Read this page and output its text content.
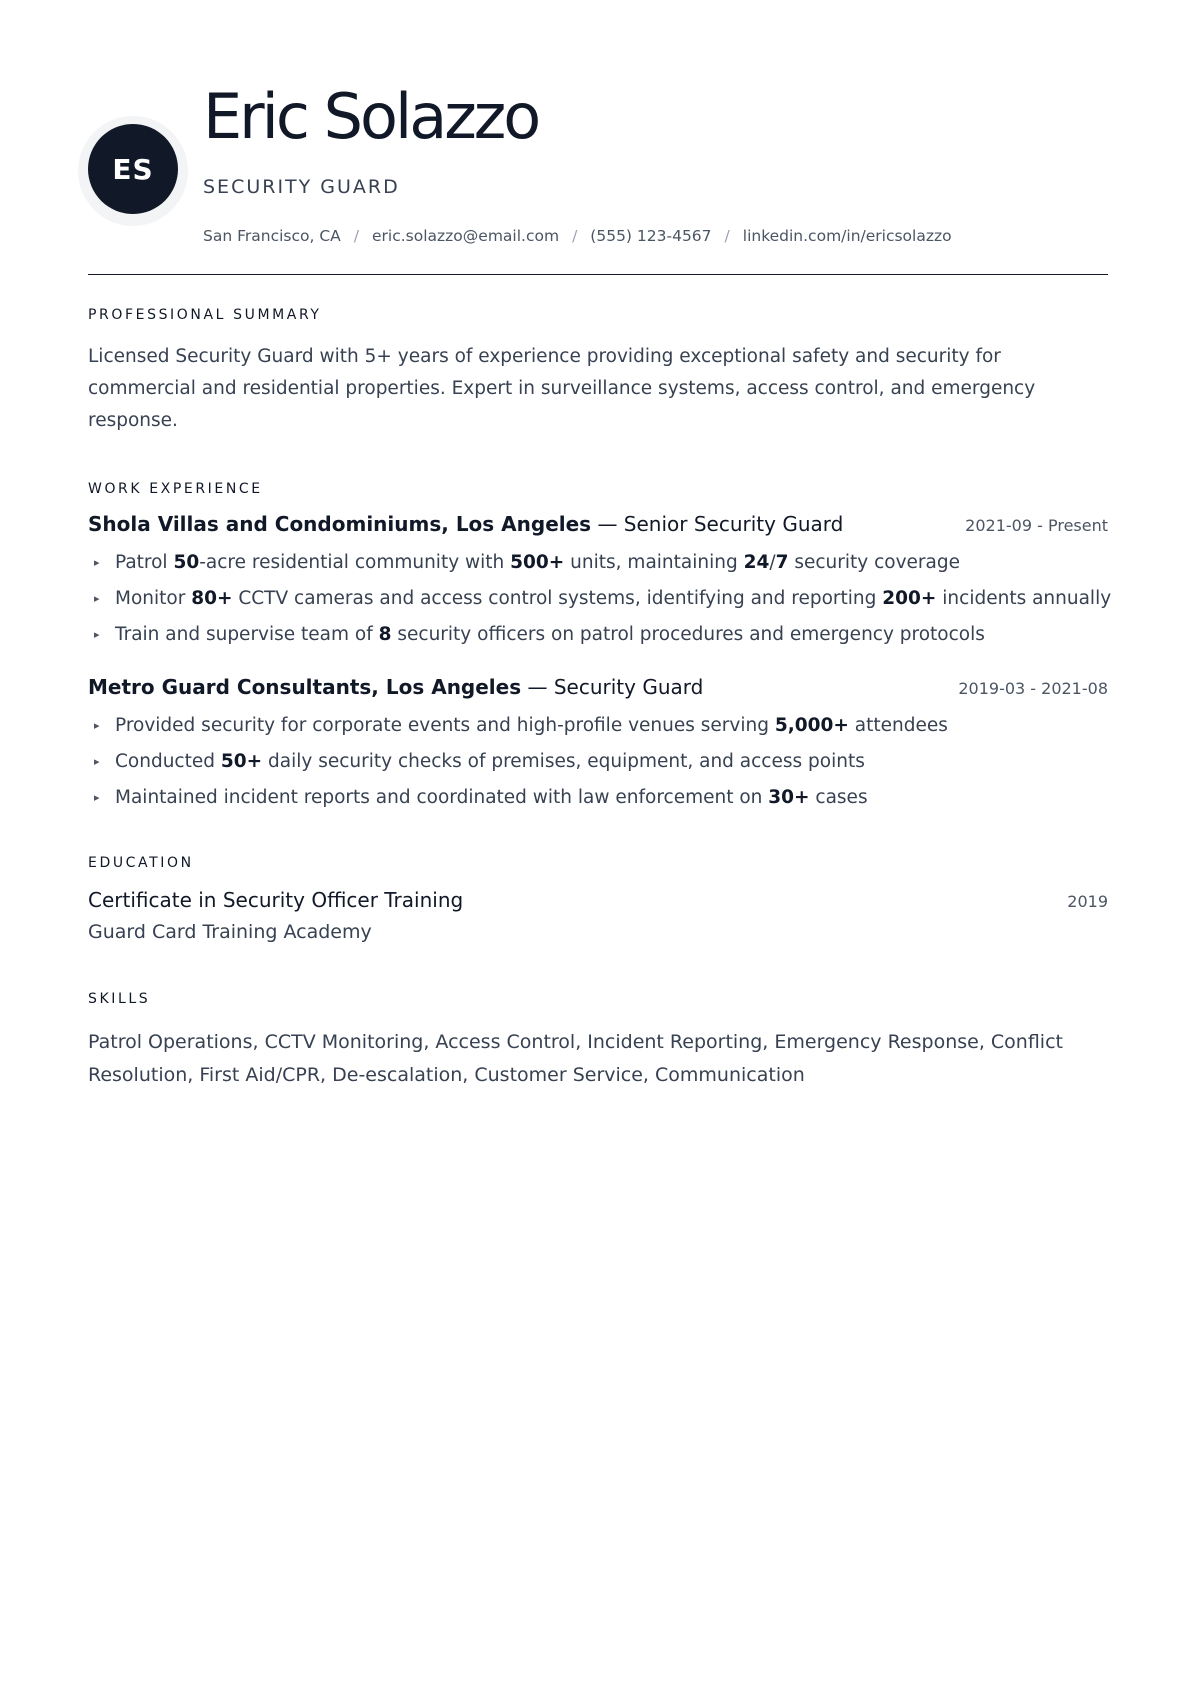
ES
Eric Solazzo
SECURITY GUARD
San Francisco, CA / eric.solazzo@email.com / (555) 123-4567 / linkedin.com/in/ericsolazzo
PROFESSIONAL SUMMARY
Licensed Security Guard with 5+ years of experience providing exceptional safety and security for commercial and residential properties. Expert in surveillance systems, access control, and emergency response.
WORK EXPERIENCE
Shola Villas and Condominiums, Los Angeles — Senior Security Guard	2021-09 - Present
▸ Patrol 50-acre residential community with 500+ units, maintaining 24/7 security coverage
▸ Monitor 80+ CCTV cameras and access control systems, identifying and reporting 200+ incidents annually
▸ Train and supervise team of 8 security officers on patrol procedures and emergency protocols
Metro Guard Consultants, Los Angeles — Security Guard	2019-03 - 2021-08
▸ Provided security for corporate events and high-profile venues serving 5,000+ attendees
▸ Conducted 50+ daily security checks of premises, equipment, and access points
▸ Maintained incident reports and coordinated with law enforcement on 30+ cases
EDUCATION
Certificate in Security Officer Training	2019
Guard Card Training Academy
SKILLS
Patrol Operations, CCTV Monitoring, Access Control, Incident Reporting, Emergency Response, Conflict Resolution, First Aid/CPR, De-escalation, Customer Service, Communication
